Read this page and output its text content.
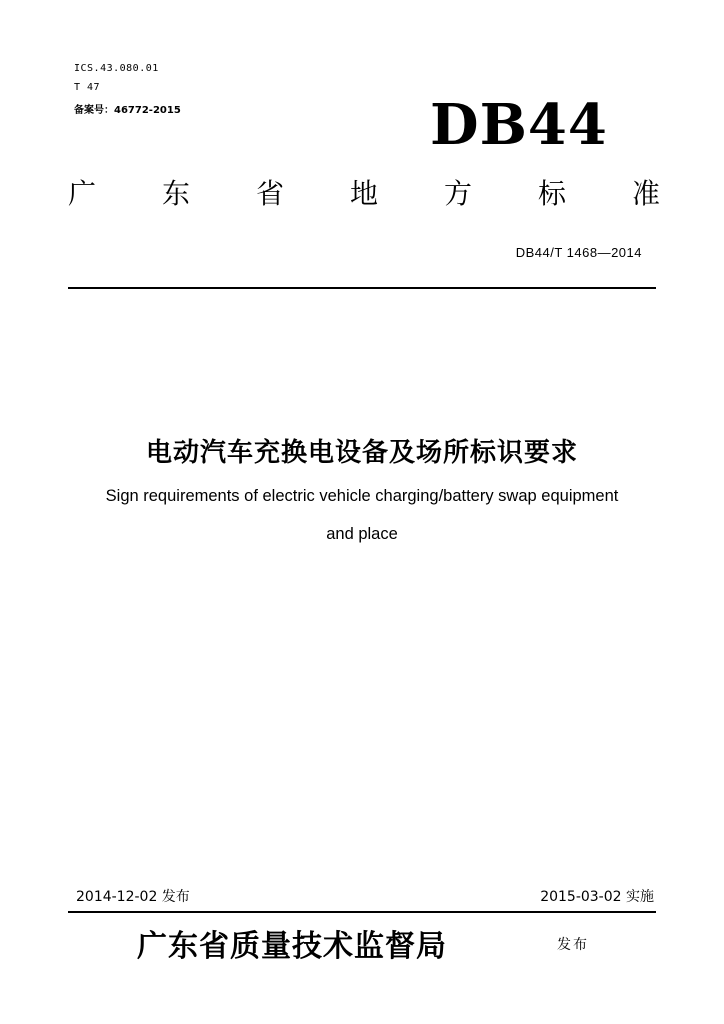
ICS.43.080.01
T 47
备案号：46772-2015	DB44
广 东 省 地 方 标 准
DB44/T 1468—2014
电动汽车充换电设备及场所标识要求
Sign requirements of electric vehicle charging/battery swap equipment
and place
2014-12-02 发布	2015-03-02 实施
广东省质量技术监督局	发布
